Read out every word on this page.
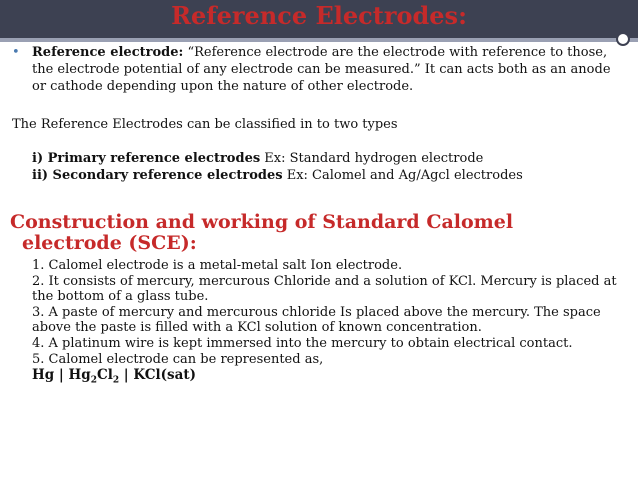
Reference Electrodes:
• Reference electrode: “Reference electrode are the electrode with reference to those, the electrode potential of any electrode can be measured.” It can acts both as an anode or cathode depending upon the nature of other electrode.
The Reference Electrodes can be classified in to two types
i) Primary reference electrodes Ex: Standard hydrogen electrode
ii) Secondary reference electrodes Ex: Calomel and Ag/Agcl electrodes
Construction and working of Standard Calomel
electrode (SCE):
1. Calomel electrode is a metal-metal salt Ion electrode.
2. It consists of mercury, mercurous Chloride and a solution of KCl. Mercury is placed at the bottom of a glass tube.
3. A paste of mercury and mercurous chloride Is placed above the mercury. The space above the paste is filled with a KCl solution of known concentration.
4. A platinum wire is kept immersed into the mercury to obtain electrical contact.
5. Calomel electrode can be represented as,
Hg | $Hg_2Cl_2$ | KCl(sat)
